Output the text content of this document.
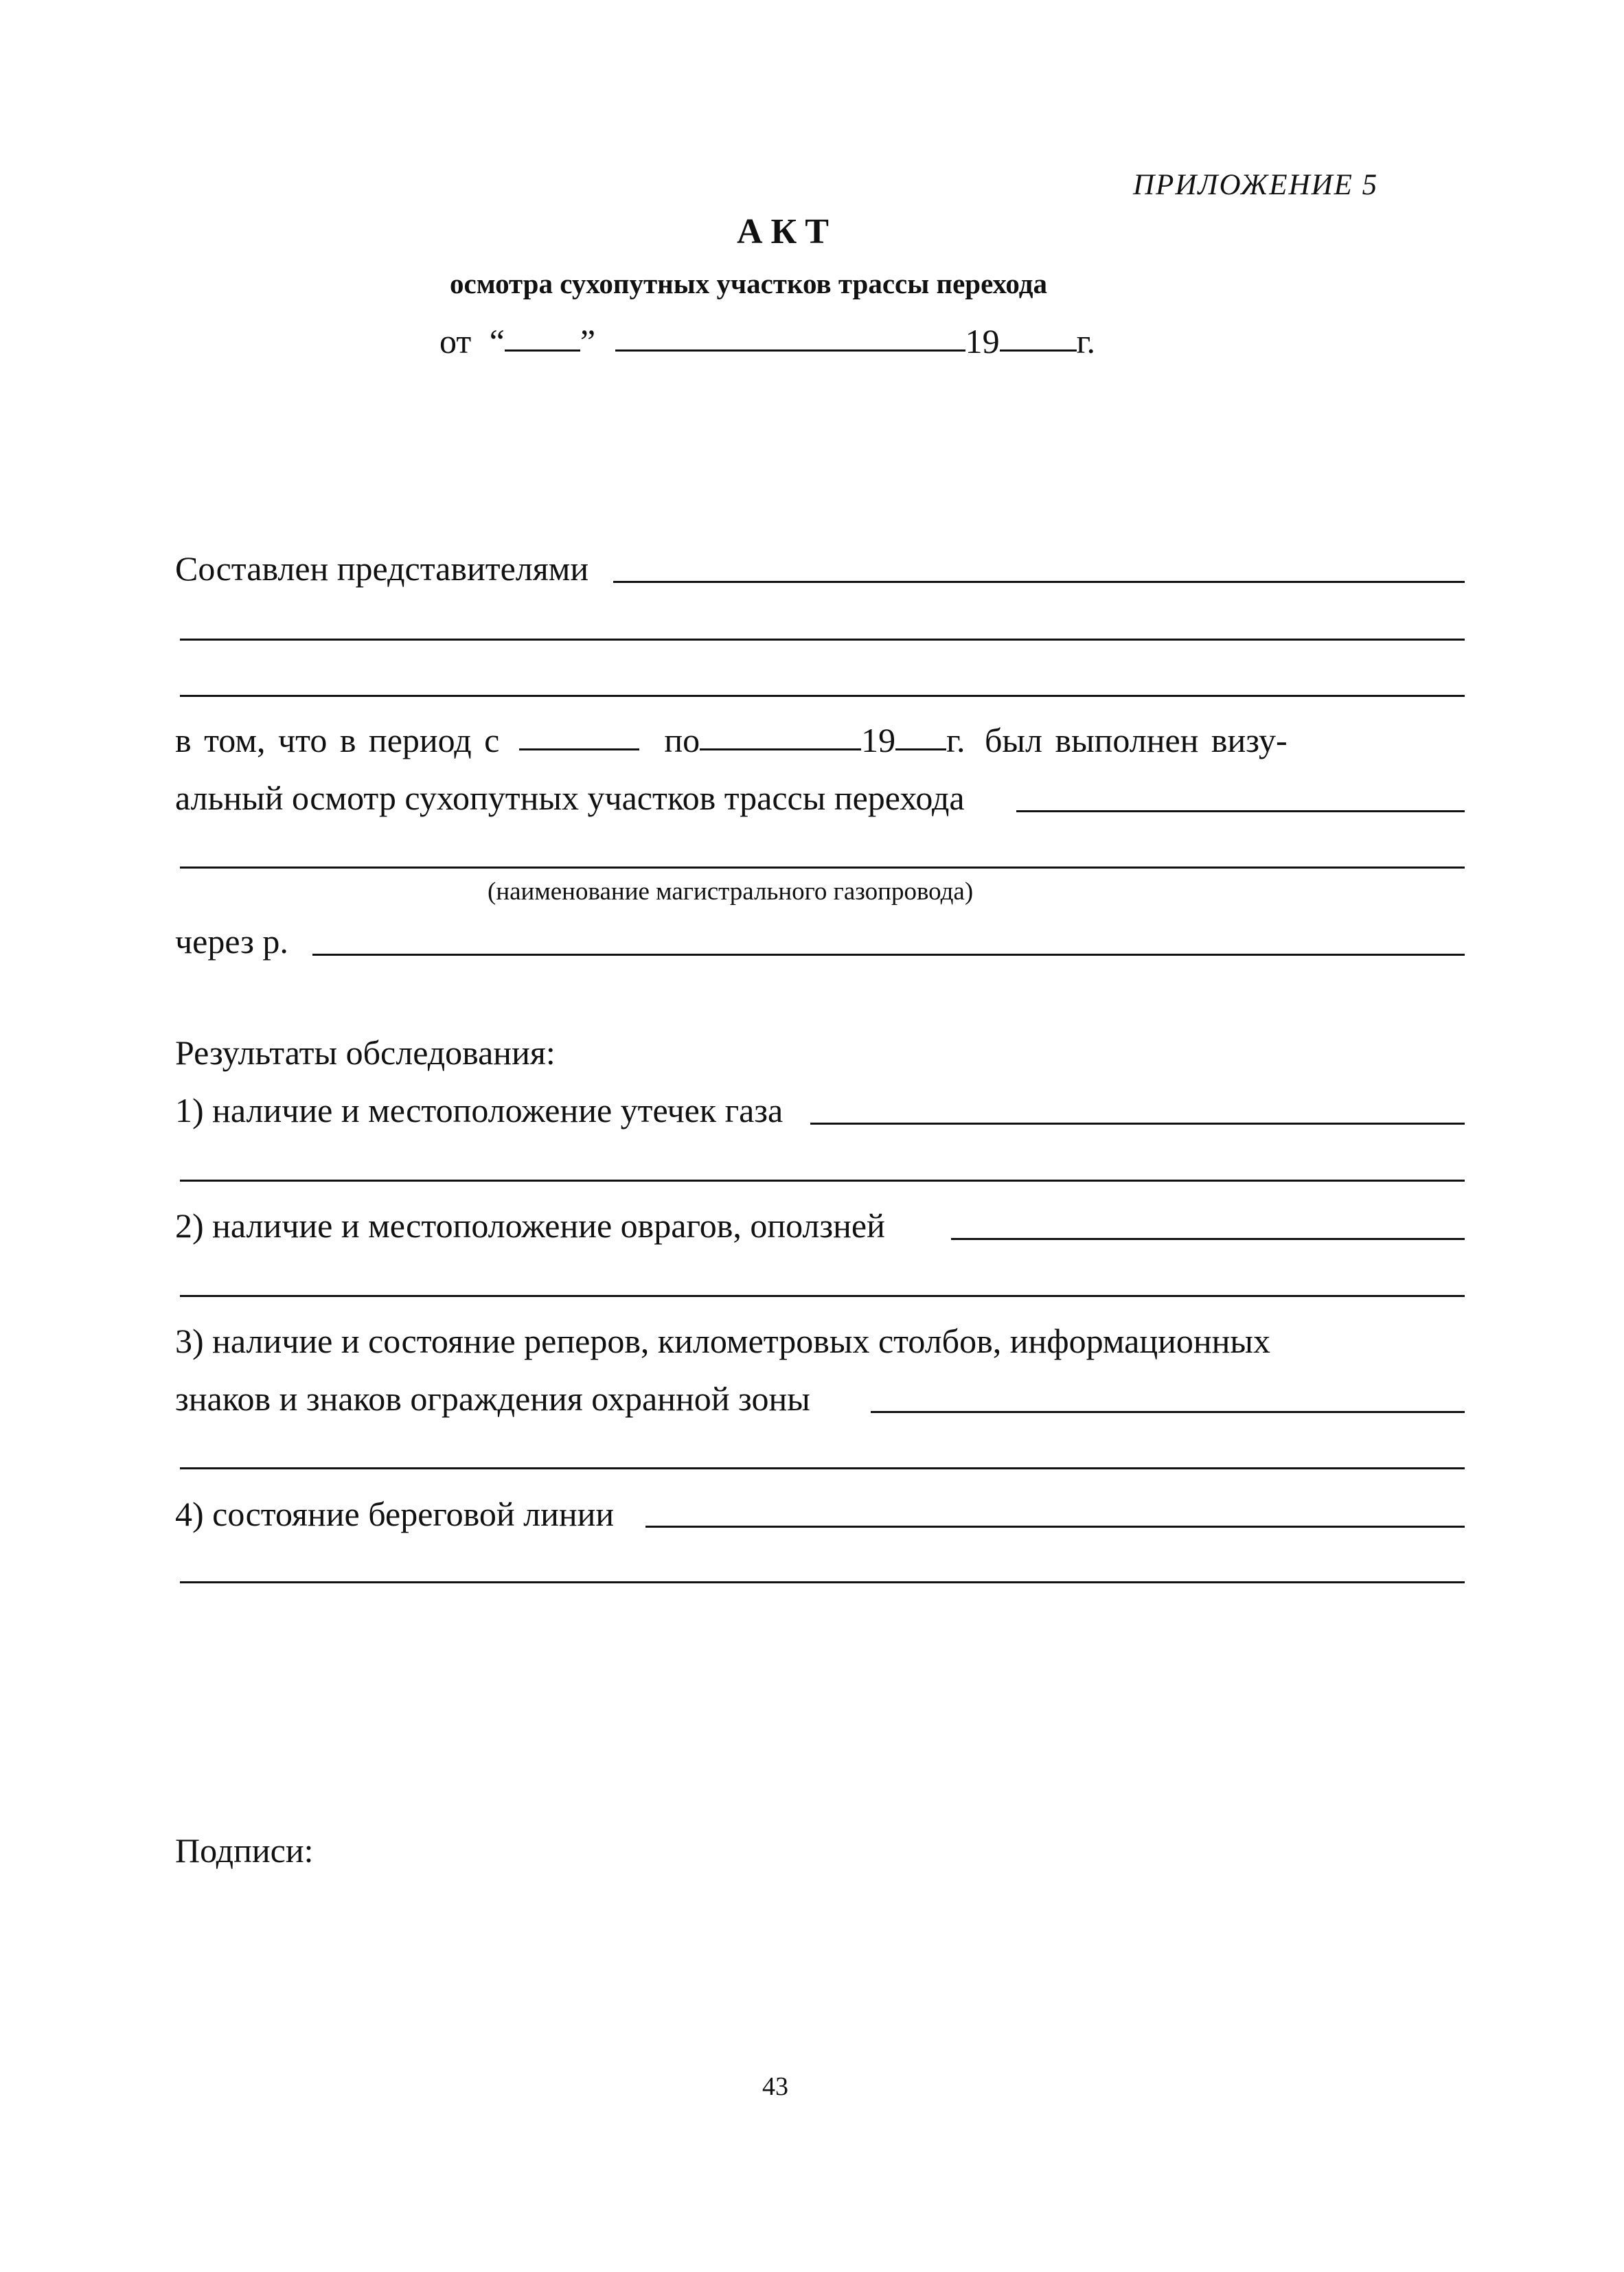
ПРИЛОЖЕНИЕ 5
АКТ
осмотра сухопутных участков трассы перехода
от “ ”	19 г.
Составлен представителями
в том, что в период с	по	19 г. был выполнен визу-
альный осмотр сухопутных участков трассы перехода
(наименование магистрального газопровода)
через р.
Результаты обследования:
1) наличие и местоположение утечек газа
2) наличие и местоположение оврагов, оползней
3) наличие и состояние реперов, километровых столбов, информационных
знаков и знаков ограждения охранной зоны
4) состояние береговой линии
Подписи:
43
